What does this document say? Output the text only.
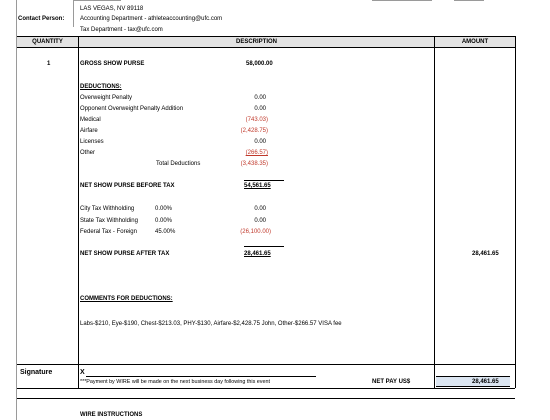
LAS VEGAS, NV 89118
Contact Person:	Accounting Department - athleteaccounting@ufc.com
Tax Department - tax@ufc.com
QUANTITY	DESCRIPTION	AMOUNT
1	GROSS SHOW PURSE	58,000.00
DEDUCTIONS:
Overweight Penalty	0.00
Opponent Overweight Penalty Addition	0.00
Medical	(743.03)
Airfare	(2,428.75)
Licenses	0.00
Other	(266.57)
Total Deductions	(3,438.35)
NET SHOW PURSE BEFORE TAX	54,561.65
City Tax Withholding	0.00%	0.00
State Tax Withholding	0.00%	0.00
Federal Tax - Foreign	45.00%	(26,100.00)
NET SHOW PURSE AFTER TAX	28,461.65	28,461.65
COMMENTS FOR DEDUCTIONS:
Labs-$210, Eye-$190, Chest-$213.03, PHY-$130, Airfare-$2,428.75 John, Other-$266.57 VISA fee
Signature	X
***Payment by WIRE will be made on the next business day following this event	NET PAY US$	28,461.65
WIRE INSTRUCTIONS
